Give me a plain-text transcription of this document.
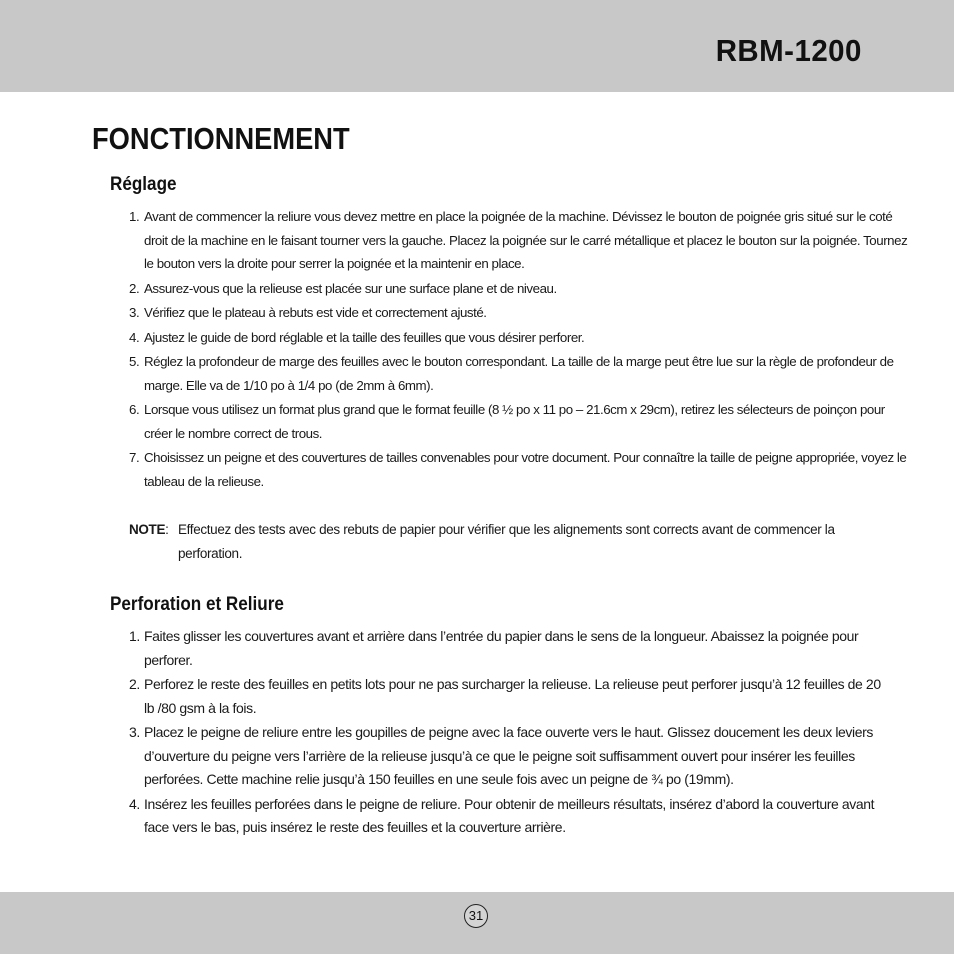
RBM-1200
FONCTIONNEMENT
Réglage
1. Avant de commencer la reliure vous devez mettre en place la poignée de la machine. Dévissez le bouton de poignée gris situé sur le coté droit de la machine en le faisant tourner vers la gauche. Placez la poignée sur le carré métallique et placez le bouton sur la poignée. Tournez le bouton vers la droite pour serrer la poignée et la maintenir en place.
2. Assurez-vous que la relieuse est placée sur une surface plane et de niveau.
3. Vérifiez que le plateau à rebuts est vide et correctement ajusté.
4. Ajustez le guide de bord réglable et la taille des feuilles que vous désirer perforer.
5. Réglez la profondeur de marge des feuilles avec le bouton correspondant. La taille de la marge peut être lue sur la règle de profondeur de marge. Elle va de 1/10 po à 1/4 po (de 2mm à 6mm).
6. Lorsque vous utilisez un format plus grand que le format feuille (8 ½ po x 11 po – 21.6cm x 29cm), retirez les sélecteurs de poinçon pour créer le nombre correct de trous.
7. Choisissez un peigne et des couvertures de tailles convenables pour votre document. Pour connaître la taille de peigne appropriée, voyez le tableau de la relieuse.
NOTE: Effectuez des tests avec des rebuts de papier pour vérifier que les alignements sont corrects avant de commencer la perforation.
Perforation et Reliure
1. Faites glisser les couvertures avant et arrière dans l’entrée du papier dans le sens de la longueur. Abaissez la poignée pour perforer.
2. Perforez le reste des feuilles en petits lots pour ne pas surcharger la relieuse. La relieuse peut perforer jusqu’à 12 feuilles de 20 lb /80 gsm à la fois.
3. Placez le peigne de reliure entre les goupilles de peigne avec la face ouverte vers le haut. Glissez doucement les deux leviers d’ouverture du peigne vers l’arrière de la relieuse jusqu’à ce que le peigne soit suffisamment ouvert pour insérer les feuilles perforées. Cette machine relie jusqu’à 150 feuilles en une seule fois avec un peigne de ¾ po (19mm).
4. Insérez les feuilles perforées dans le peigne de reliure. Pour obtenir de meilleurs résultats, insérez d’abord la couverture avant face vers le bas, puis insérez le reste des feuilles et la couverture arrière.
31
